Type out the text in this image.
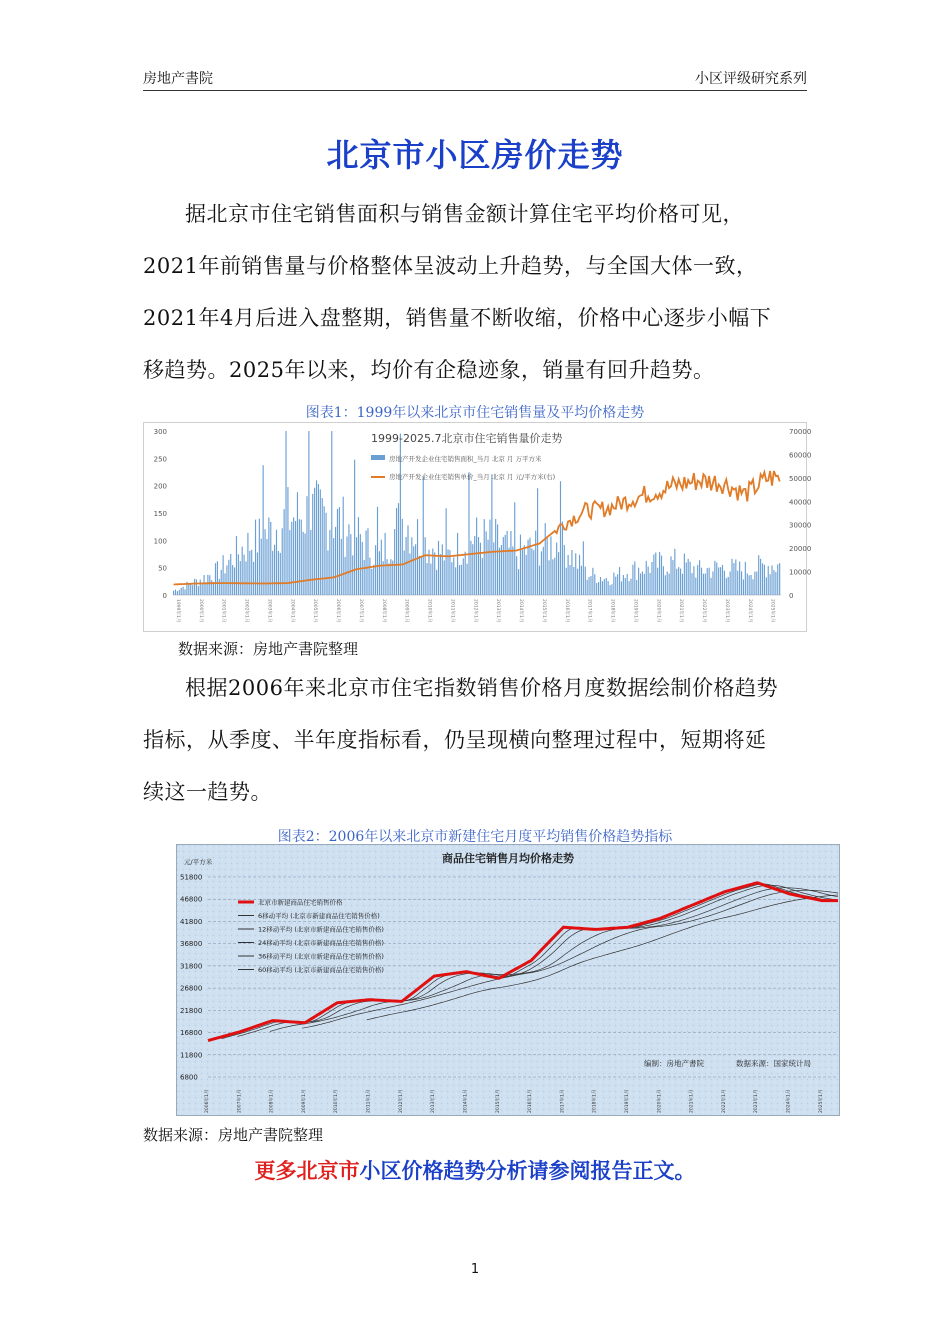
房地产書院	小区评级研究系列
北京市小区房价走势

据北京市住宅销售面积与销售金额计算住宅平均价格可见，

2021年前销售量与价格整体呈波动上升趋势，与全国大体一致，

2021年4月后进入盘整期，销售量不断收缩，价格中心逐步小幅下

移趋势。2025年以来，均价有企稳迹象，销量有回升趋势。

图表1：1999年以来北京市住宅销售量及平均价格走势
0
50
100
150
200
250
300
0
10000
20000
30000
40000
50000
60000
70000
1999年1月	2000年1月	2001年1月	2002年1月	2003年1月	2004年1月	2005年1月	2006年1月	2007年1月	2008年1月	2009年1月	2010年1月	2011年1月	2012年1月	2013年1月	2014年1月	2015年1月	2016年1月	2017年1月	2018年1月	2019年1月	2020年1月	2021年1月	2022年1月	2023年1月	2024年1月	2025年1月
1999-2025.7北京市住宅销售量价走势
房地产开发企业住宅销售面积_当月 北京 月 万平方米
房地产开发企业住宅销售单价_当月 北京 月 元/平方米(右)
数据来源：房地产書院整理

根据2006年来北京市住宅指数销售价格月度数据绘制价格趋势

指标，从季度、半年度指标看，仍呈现横向整理过程中，短期将延

续这一趋势。

图表2：2006年以来北京市新建住宅月度平均销售价格趋势指标
商品住宅销售月均价格走势
元/平方米
6800
11800
16800
21800
26800
31800
36800
41800
46800
51800
2006年1月	2007年1月	2008年1月	2009年1月	2010年1月	2011年1月	2012年1月	2013年1月	2014年1月	2015年1月	2016年1月	2017年1月	2018年1月	2019年1月	2020年1月	2021年1月	2022年1月	2023年1月	2024年1月	2025年1月
北京市新建商品住宅销售价格
6移动平均 (北京市新建商品住宅销售价格)
12移动平均 (北京市新建商品住宅销售价格)
24移动平均 (北京市新建商品住宅销售价格)
36移动平均 (北京市新建商品住宅销售价格)
60移动平均 (北京市新建商品住宅销售价格)
编制：房地产書院	数据来源：国家统计局
数据来源：房地产書院整理
更多北京市小区价格趋势分析请参阅报告正文。
1
